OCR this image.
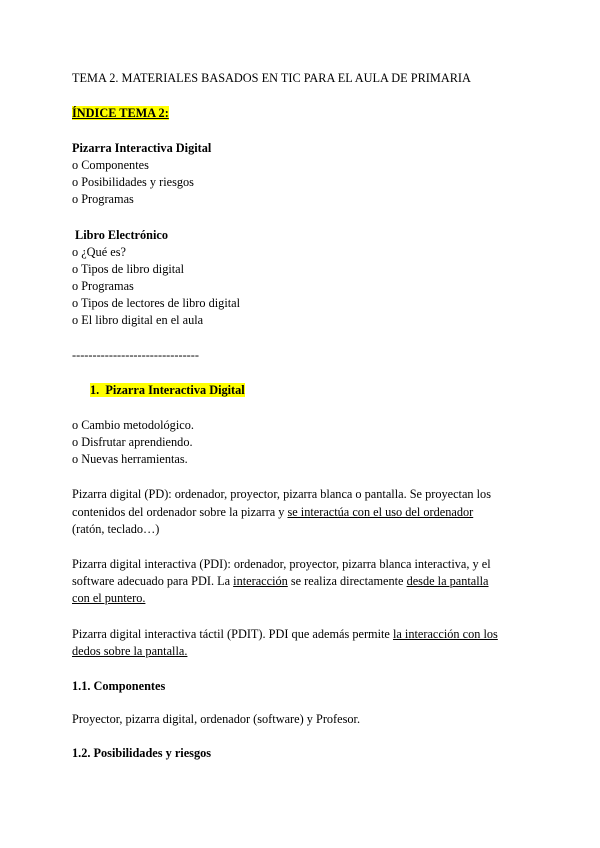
TEMA 2. MATERIALES BASADOS EN TIC PARA EL AULA DE PRIMARIA
ÍNDICE TEMA 2:
Pizarra Interactiva Digital
o Componentes
o Posibilidades y riesgos
o Programas
Libro Electrónico
o ¿Qué es?
o Tipos de libro digital
o Programas
o Tipos de lectores de libro digital
o El libro digital en el aula
-------------------------------
1. Pizarra Interactiva Digital
o Cambio metodológico.
o Disfrutar aprendiendo.
o Nuevas herramientas.
Pizarra digital (PD): ordenador, proyector, pizarra blanca o pantalla. Se proyectan los
contenidos del ordenador sobre la pizarra y se interactúa con el uso del ordenador
(ratón, teclado…)
Pizarra digital interactiva (PDI): ordenador, proyector, pizarra blanca interactiva, y el
software adecuado para PDI. La interacción se realiza directamente desde la pantalla
con el puntero.
Pizarra digital interactiva táctil (PDIT). PDI que además permite la interacción con los
dedos sobre la pantalla.
1.1. Componentes
Proyector, pizarra digital, ordenador (software) y Profesor.
1.2. Posibilidades y riesgos
